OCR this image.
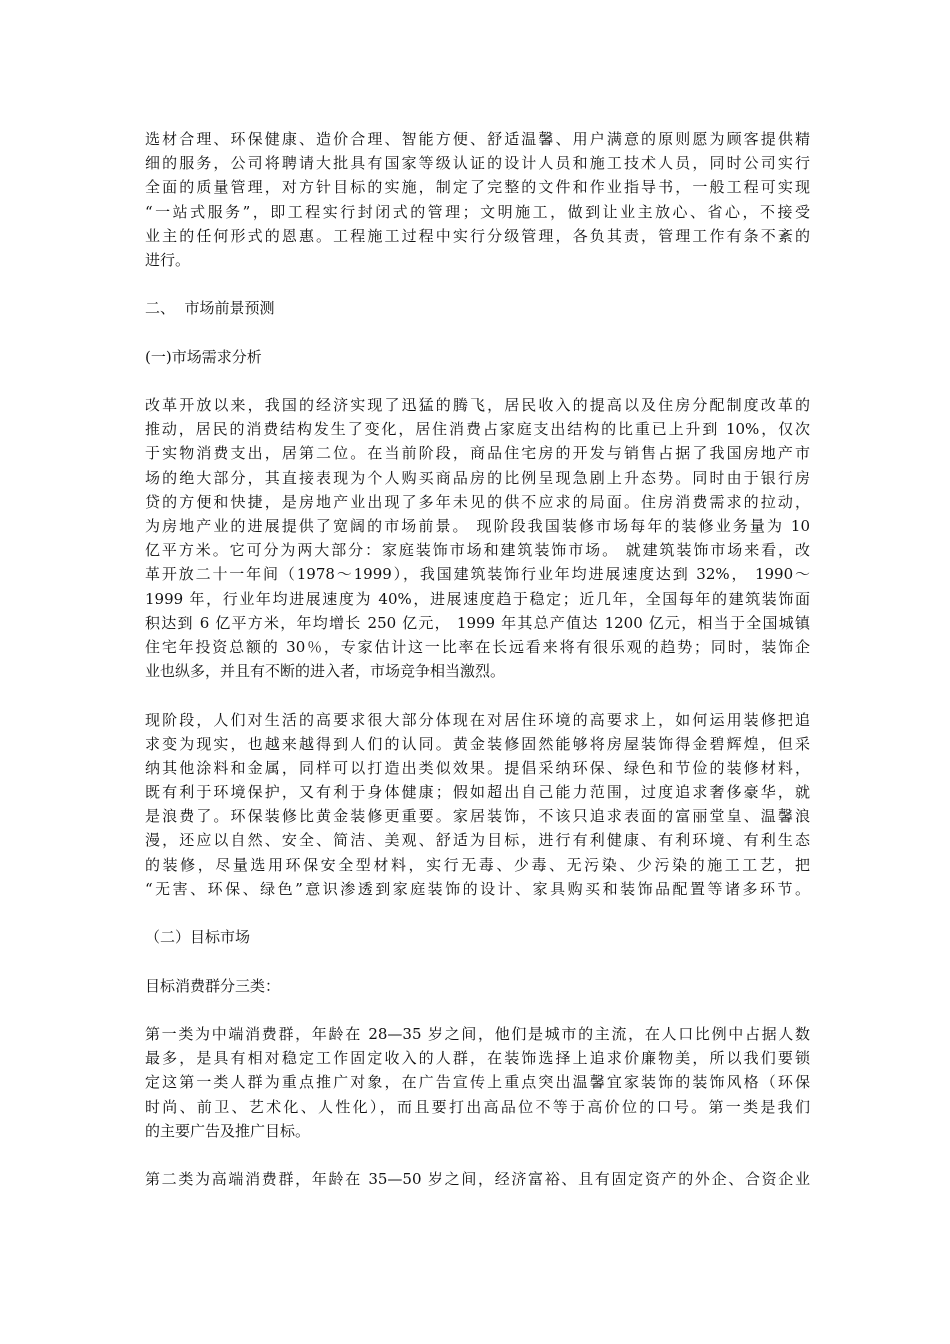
选材合理、环保健康、造价合理、智能方便、舒适温馨、用户满意的原则愿为顾客提供精
细的服务，公司将聘请大批具有国家等级认证的设计人员和施工技术人员，同时公司实行
全面的质量管理，对方针目标的实施，制定了完整的文件和作业指导书，一般工程可实现
“一站式服务”，即工程实行封闭式的管理；文明施工，做到让业主放心、省心，不接受
业主的任何形式的恩惠。工程施工过程中实行分级管理，各负其责，管理工作有条不紊的
进行。
二、  市场前景预测
(一)市场需求分析
改革开放以来，我国的经济实现了迅猛的腾飞，居民收入的提高以及住房分配制度改革的
推动，居民的消费结构发生了变化，居住消费占家庭支出结构的比重已上升到 10%，仅次
于实物消费支出，居第二位。在当前阶段，商品住宅房的开发与销售占据了我国房地产市
场的绝大部分，其直接表现为个人购买商品房的比例呈现急剧上升态势。同时由于银行房
贷的方便和快捷，是房地产业出现了多年未见的供不应求的局面。住房消费需求的拉动，
为房地产业的进展提供了宽阔的市场前景。 现阶段我国装修市场每年的装修业务量为 10
亿平方米。它可分为两大部分：家庭装饰市场和建筑装饰市场。 就建筑装饰市场来看，改
革开放二十一年间（1978～1999），我国建筑装饰行业年均进展速度达到 32%， 1990～
1999 年，行业年均进展速度为 40%，进展速度趋于稳定；近几年，全国每年的建筑装饰面
积达到 6 亿平方米，年均增长 250 亿元， 1999 年其总产值达 1200 亿元，相当于全国城镇
住宅年投资总额的 30％，专家估计这一比率在长远看来将有很乐观的趋势；同时，装饰企
业也纵多，并且有不断的进入者，市场竞争相当激烈。
现阶段，人们对生活的高要求很大部分体现在对居住环境的高要求上，如何运用装修把追
求变为现实，也越来越得到人们的认同。黄金装修固然能够将房屋装饰得金碧辉煌，但采
纳其他涂料和金属，同样可以打造出类似效果。提倡采纳环保、绿色和节俭的装修材料，
既有利于环境保护，又有利于身体健康；假如超出自己能力范围，过度追求奢侈豪华，就
是浪费了。环保装修比黄金装修更重要。家居装饰，不该只追求表面的富丽堂皇、温馨浪
漫，还应以自然、安全、简洁、美观、舒适为目标，进行有利健康、有利环境、有利生态
的装修，尽量选用环保安全型材料，实行无毒、少毒、无污染、少污染的施工工艺，把
“无害、环保、绿色”意识渗透到家庭装饰的设计、家具购买和装饰品配置等诸多环节。
（二）目标市场
目标消费群分三类：
第一类为中端消费群，年龄在 28—35 岁之间，他们是城市的主流，在人口比例中占据人数
最多，是具有相对稳定工作固定收入的人群，在装饰选择上追求价廉物美，所以我们要锁
定这第一类人群为重点推广对象，在广告宣传上重点突出温馨宜家装饰的装饰风格（环保
时尚、前卫、艺术化、人性化），而且要打出高品位不等于高价位的口号。第一类是我们
的主要广告及推广目标。
第二类为高端消费群，年龄在 35—50 岁之间，经济富裕、且有固定资产的外企、合资企业
